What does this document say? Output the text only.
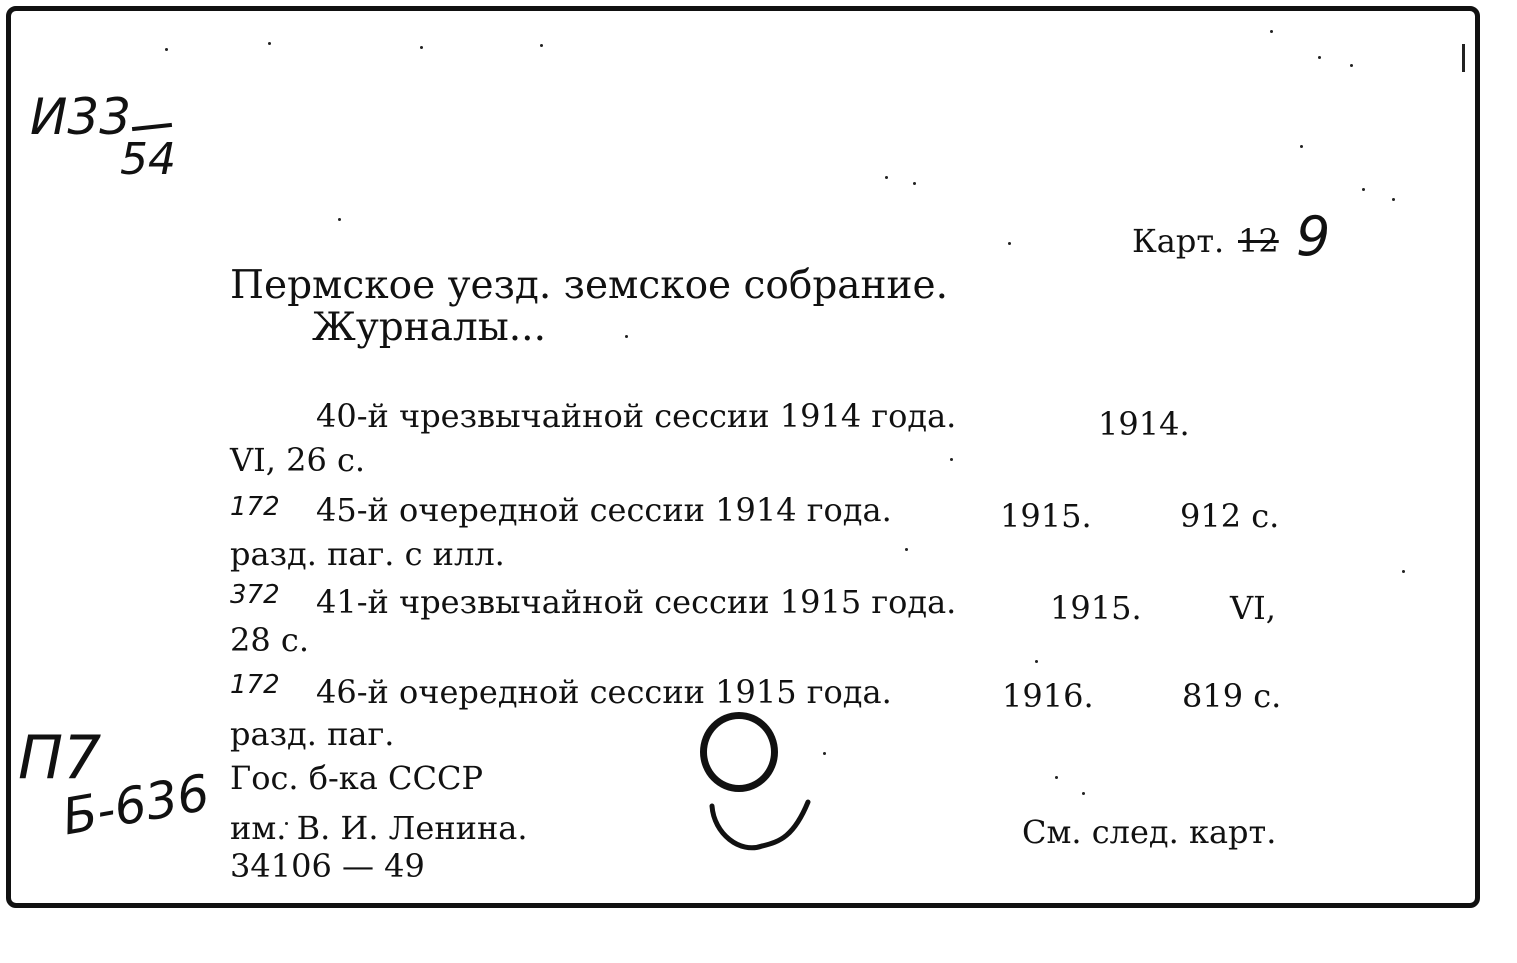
И33
54
Карт. 12 9
Пермское уезд. земское собрание.
Журналы...
40-й чрезвычайной сессии 1914 года.	1914.
VI, 26 с.
172 45-й очередной сессии 1914 года.	1915.	912 с.
разд. паг. с илл.
372 41-й чрезвычайной сессии 1915 года.	1915.	VI,
28 с.
172 46-й очередной сессии 1915 года.	1916.	819 с.
разд. паг.
Гос. б-ка СССР
им. В. И. Ленина.
34106 — 49
См. след. карт.
П7
Б-636
